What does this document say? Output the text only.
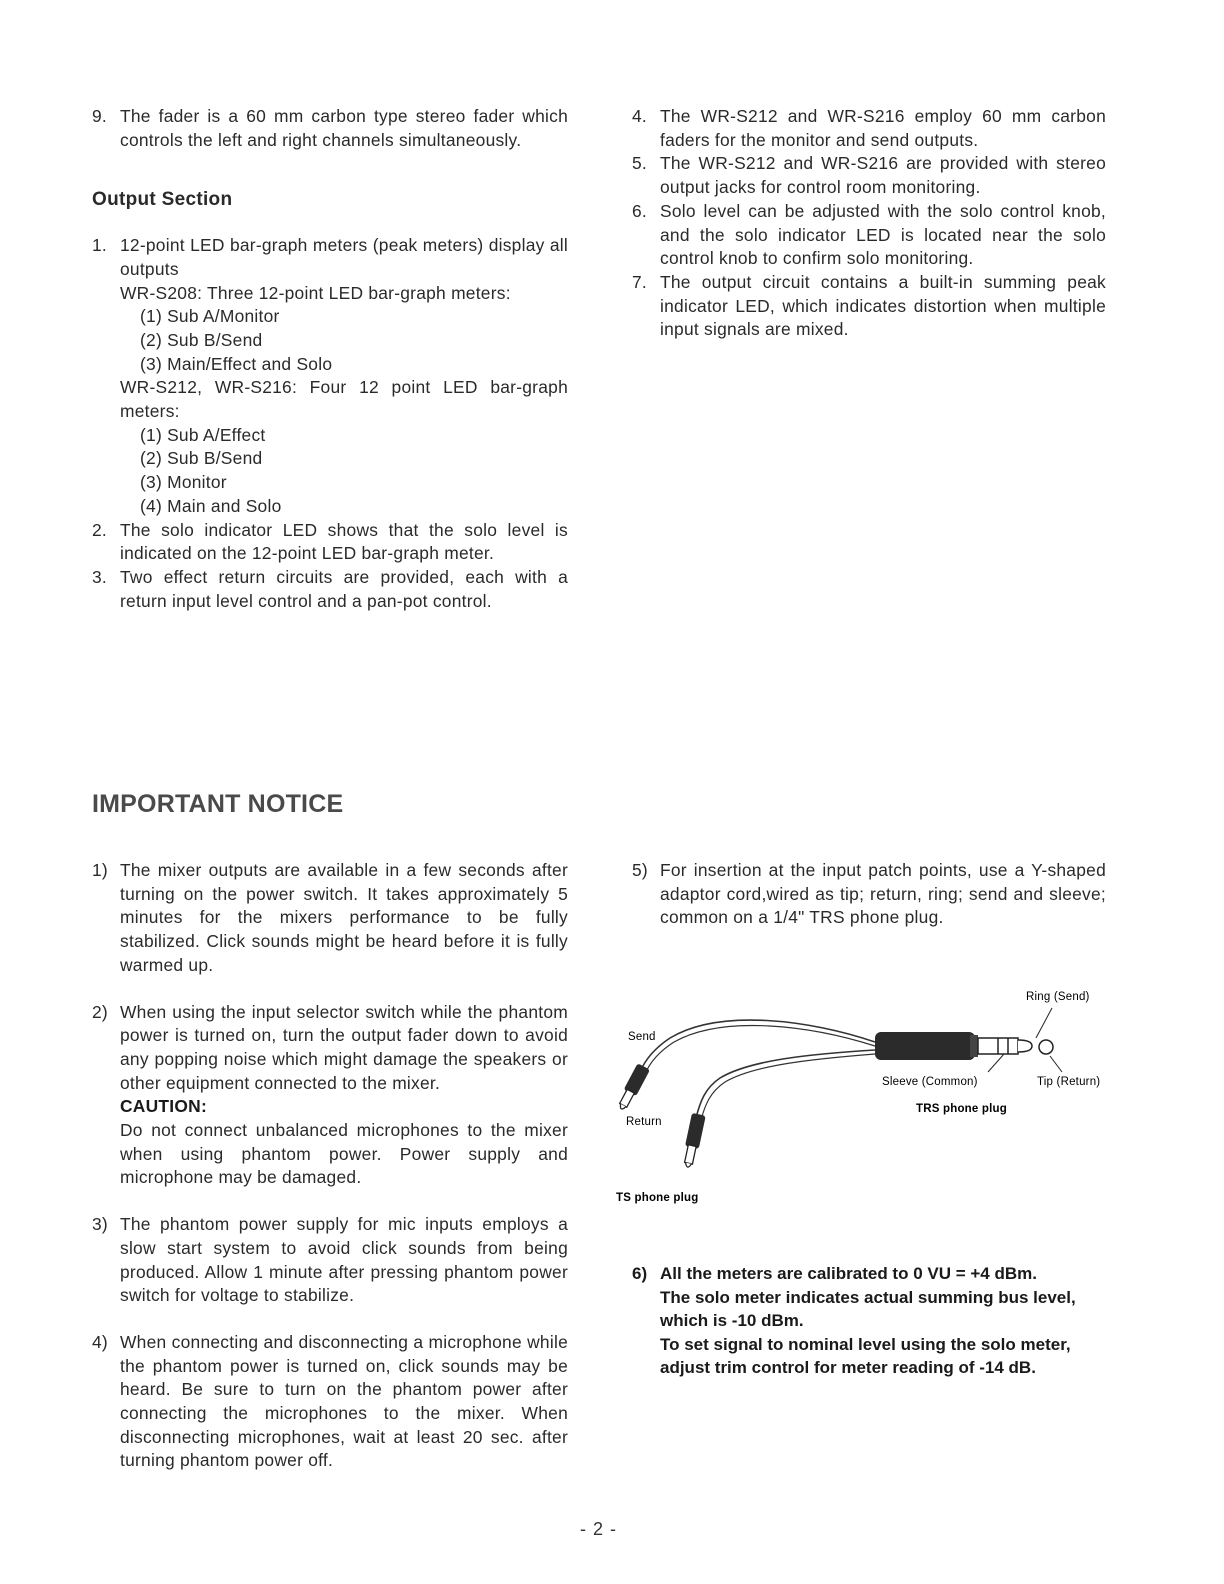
9. The fader is a 60 mm carbon type stereo fader which controls the left and right channels simultaneously.
Output Section
1. 12-point LED bar-graph meters (peak meters) display all outputs
WR-S208: Three 12-point LED bar-graph meters:
(1) Sub A/Monitor
(2) Sub B/Send
(3) Main/Effect and Solo
WR-S212, WR-S216: Four 12 point LED bar-graph meters:
(1) Sub A/Effect
(2) Sub B/Send
(3) Monitor
(4) Main and Solo
2. The solo indicator LED shows that the solo level is indicated on the 12-point LED bar-graph meter.
3. Two effect return circuits are provided, each with a return input level control and a pan-pot control.
4. The WR-S212 and WR-S216 employ 60 mm carbon faders for the monitor and send outputs.
5. The WR-S212 and WR-S216 are provided with stereo output jacks for control room monitoring.
6. Solo level can be adjusted with the solo control knob, and the solo indicator LED is located near the solo control knob to confirm solo monitoring.
7. The output circuit contains a built-in summing peak indicator LED, which indicates distortion when multiple input signals are mixed.
IMPORTANT NOTICE
1) The mixer outputs are available in a few seconds after turning on the power switch. It takes approximately 5 minutes for the mixers performance to be fully stabilized. Click sounds might be heard before it is fully warmed up.
2) When using the input selector switch while the phantom power is turned on, turn the output fader down to avoid any popping noise which might damage the speakers or other equipment connected to the mixer.
CAUTION:
Do not connect unbalanced microphones to the mixer when using phantom power. Power supply and microphone may be damaged.
3) The phantom power supply for mic inputs employs a slow start system to avoid click sounds from being produced. Allow 1 minute after pressing phantom power switch for voltage to stabilize.
4) When connecting and disconnecting a microphone while the phantom power is turned on, click sounds may be heard. Be sure to turn on the phantom power after connecting the microphones to the mixer. When disconnecting microphones, wait at least 20 sec. after turning phantom power off.
5) For insertion at the input patch points, use a Y-shaped adaptor cord,wired as tip; return, ring; send and sleeve; common on a 1/4" TRS phone plug.
Ring (Send)
Send
Sleeve (Common)	Tip (Return)
TRS phone plug
Return
TS phone plug
6) All the meters are calibrated to 0 VU = +4 dBm.
The solo meter indicates actual summing bus level, which is -10 dBm.
To set signal to nominal level using the solo meter, adjust trim control for meter reading of -14 dB.
- 2 -
